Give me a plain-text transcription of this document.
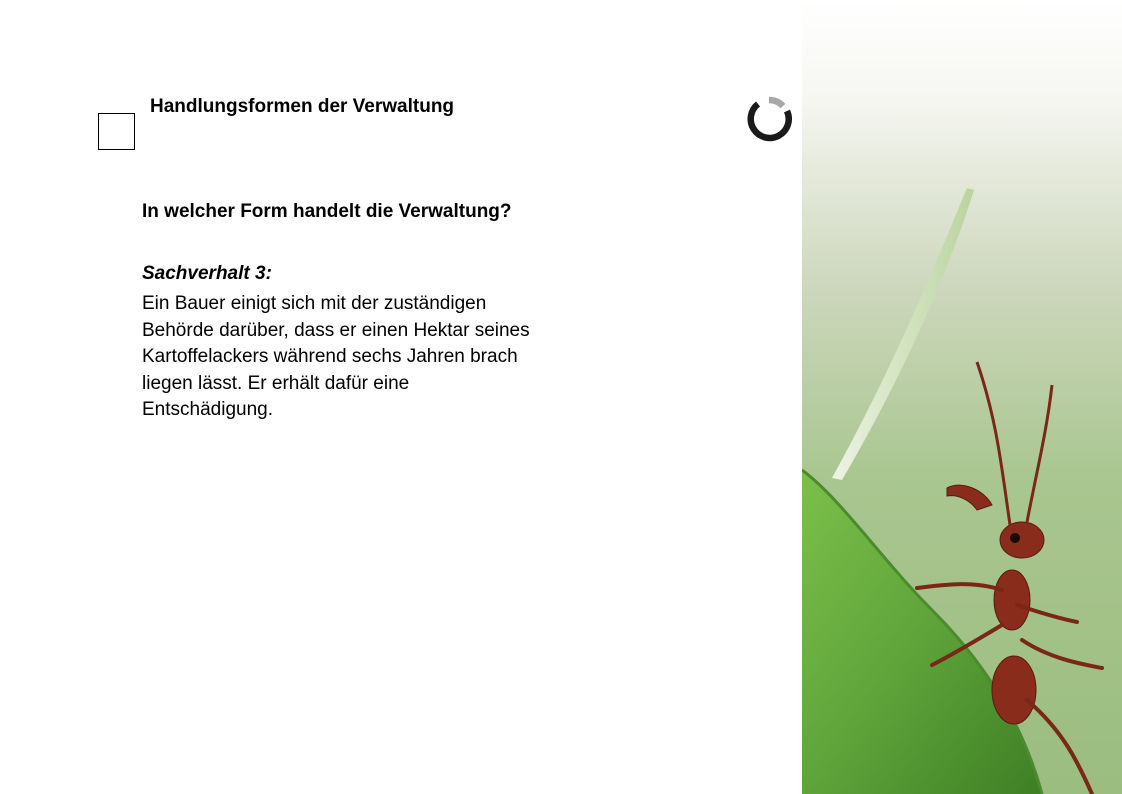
Handlungsformen der Verwaltung

In welcher Form handelt die Verwaltung?

Sachverhalt 3:

Ein Bauer einigt sich mit der zuständigen
Behörde darüber, dass er einen Hektar seines
Kartoffelackers während sechs Jahren brach
liegen lässt. Er erhält dafür eine
Entschädigung.
